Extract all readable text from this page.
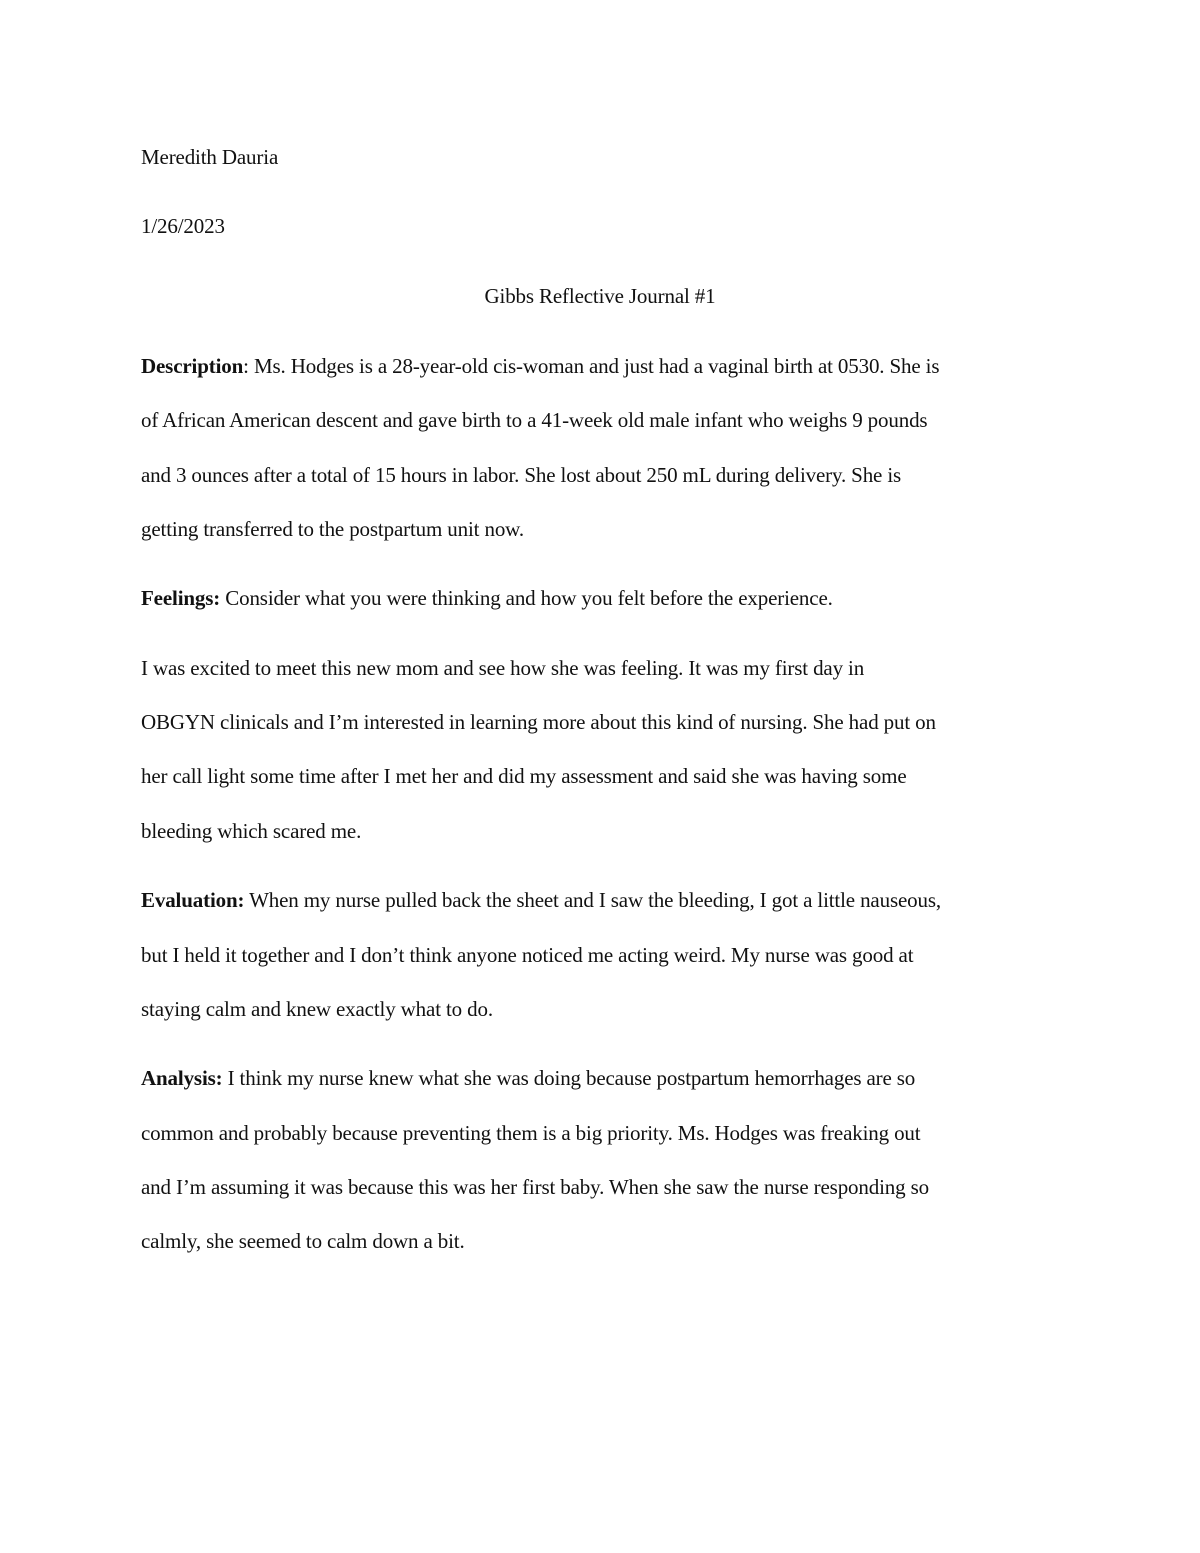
Meredith Dauria
1/26/2023
Gibbs Reflective Journal #1
Description: Ms. Hodges is a 28-year-old cis-woman and just had a vaginal birth at 0530. She is
of African American descent and gave birth to a 41-week old male infant who weighs 9 pounds
and 3 ounces after a total of 15 hours in labor. She lost about 250 mL during delivery. She is
getting transferred to the postpartum unit now.
Feelings: Consider what you were thinking and how you felt before the experience.
I was excited to meet this new mom and see how she was feeling. It was my first day in
OBGYN clinicals and I’m interested in learning more about this kind of nursing. She had put on
her call light some time after I met her and did my assessment and said she was having some
bleeding which scared me.
Evaluation: When my nurse pulled back the sheet and I saw the bleeding, I got a little nauseous,
but I held it together and I don’t think anyone noticed me acting weird. My nurse was good at
staying calm and knew exactly what to do.
Analysis: I think my nurse knew what she was doing because postpartum hemorrhages are so
common and probably because preventing them is a big priority. Ms. Hodges was freaking out
and I’m assuming it was because this was her first baby. When she saw the nurse responding so
calmly, she seemed to calm down a bit.
